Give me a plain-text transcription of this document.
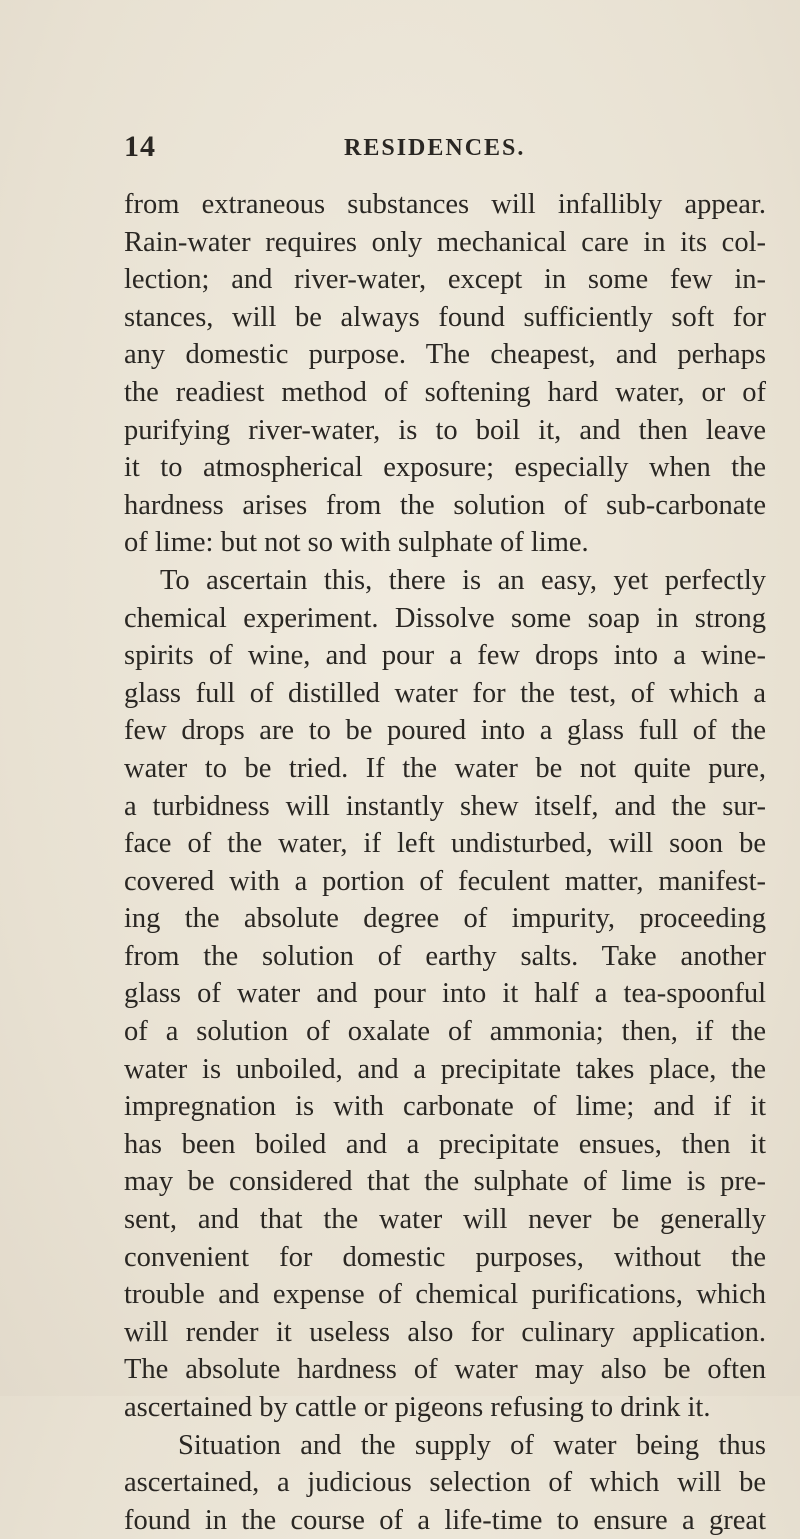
14	RESIDENCES.
from extraneous substances will infallibly appear.
Rain-water requires only mechanical care in its col-
lection; and river-water, except in some few in-
stances, will be always found sufficiently soft for
any domestic purpose. The cheapest, and perhaps
the readiest method of softening hard water, or of
purifying river-water, is to boil it, and then leave
it to atmospherical exposure; especially when the
hardness arises from the solution of sub-carbonate
of lime: but not so with sulphate of lime.
To ascertain this, there is an easy, yet perfectly
chemical experiment. Dissolve some soap in strong
spirits of wine, and pour a few drops into a wine-
glass full of distilled water for the test, of which a
few drops are to be poured into a glass full of the
water to be tried. If the water be not quite pure,
a turbidness will instantly shew itself, and the sur-
face of the water, if left undisturbed, will soon be
covered with a portion of feculent matter, manifest-
ing the absolute degree of impurity, proceeding
from the solution of earthy salts. Take another
glass of water and pour into it half a tea-spoonful
of a solution of oxalate of ammonia; then, if the
water is unboiled, and a precipitate takes place, the
impregnation is with carbonate of lime; and if it
has been boiled and a precipitate ensues, then it
may be considered that the sulphate of lime is pre-
sent, and that the water will never be generally
convenient for domestic purposes, without the
trouble and expense of chemical purifications, which
will render it useless also for culinary application.
The absolute hardness of water may also be often
ascertained by cattle or pigeons refusing to drink it.
Situation and the supply of water being thus
ascertained, a judicious selection of which will be
found in the course of a life-time to ensure a great
